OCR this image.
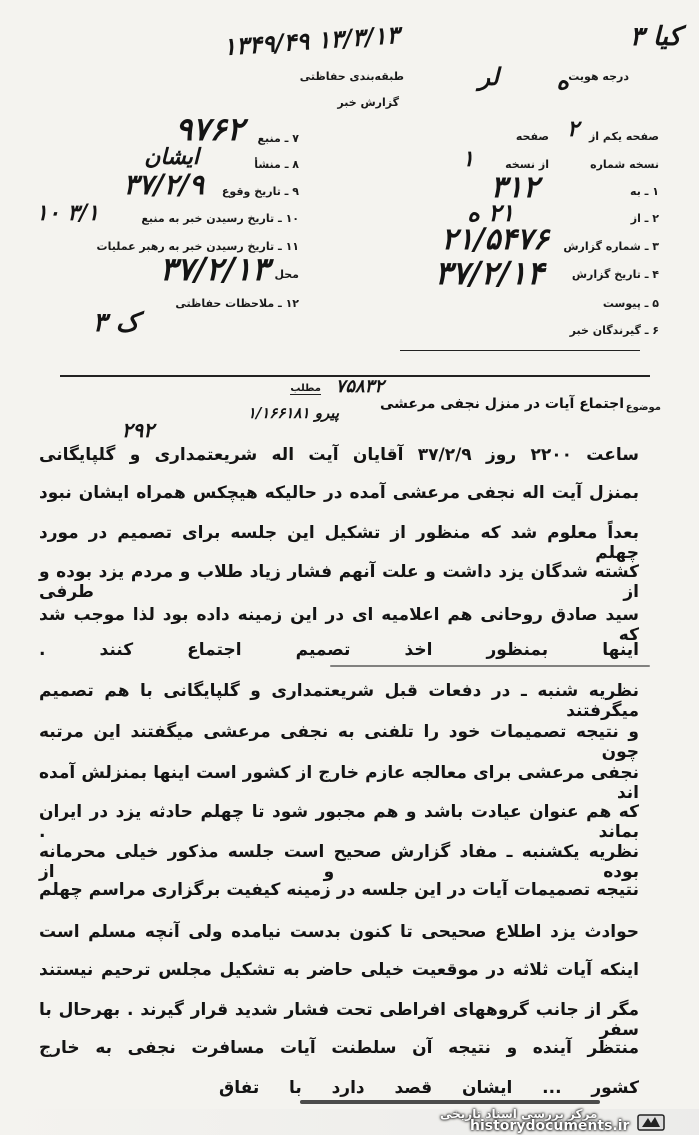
کیا ۳
۱۳/۳/۱۳ ۱۳۴۹/۴۹
درجه هویت
طبقه‌بندی حفاظتی
گزارش خبر
ه
لر
صفحه یکم از
صفحه ۲
نسخه شماره
از نسخه
۱
۱ ـ به
۳۱۲
۲ ـ از
۲۱ ه
۳ ـ شماره گزارش
۲۱/۵۴۷۶
۴ ـ تاریخ گزارش
۳۷/۲/۱۴
۵ ـ پیوست
۶ ـ گیرندگان خبر
۷ ـ منبع
۹۷۶۲
۸ ـ منشأ
ایشان
۹ ـ تاریخ وقوع
۳۷/۲/۹
۱۰ ـ تاریخ رسیدن خبر به منبع
۳/۱ ۱۰
۱۱ ـ تاریخ رسیدن خبر به رهبر عملیات
محل
۳۷/۲/۱۳
۱۲ ـ ملاحظات حفاظتی
ک ۳
موضوع
اجتماع آیات در منزل نجفی مرعشی
مطلب ۷۵۸۳۲
پیرو ۱/۱۶۶۱۸۱
۲۹۲
ساعت ۲۲۰۰ روز ۳۷/۲/۹ آقایان آیت اله شریعتمداری و گلپایگانی
بمنزل آیت اله نجفی مرعشی آمده در حالیکه هیچکس همراه ایشان نبود
بعداً معلوم شد که منظور از تشکیل این جلسه برای تصمیم در مورد چهلم
کشته شدگان یزد داشت و علت آنهم فشار زیاد طلاب و مردم یزد بوده و از طرفی
سید صادق روحانی هم اعلامیه ای در این زمینه داده بود لذا موجب شد که
اینها بمنظور اخذ تصمیم اجتماع کنند .
نظریه شنبه ـ در دفعات قبل شریعتمداری و گلپایگانی با هم تصمیم میگرفتند
و نتیجه تصمیمات خود را تلفنی به نجفی مرعشی میگفتند این مرتبه چون
نجفی مرعشی برای معالجه عازم خارج از کشور است اینها بمنزلش آمده اند
که هم عنوان عیادت باشد و هم مجبور شود تا چهلم حادثه یزد در ایران بماند .
نظریه یکشنبه ـ مفاد گزارش صحیح است جلسه مذکور خیلی محرمانه بوده و از
نتیجه تصمیمات آیات در این جلسه در زمینه کیفیت برگزاری مراسم چهلم
حوادث یزد اطلاع صحیحی تا کنون بدست نیامده ولی آنچه مسلم است
اینکه آیات ثلاثه در موقعیت خیلی حاضر به تشکیل مجلس ترحیم نیستند
مگر از جانب گروههای افراطی تحت فشار شدید قرار گیرند . بهرحال با سفر
منتظر آینده و نتیجه آن سلطنت آیات مسافرت نجفی به خارج
کشور ... ایشان قصد دارد با تفاق
مرکز بررسی اسناد تاریخی
historydocuments.ir
